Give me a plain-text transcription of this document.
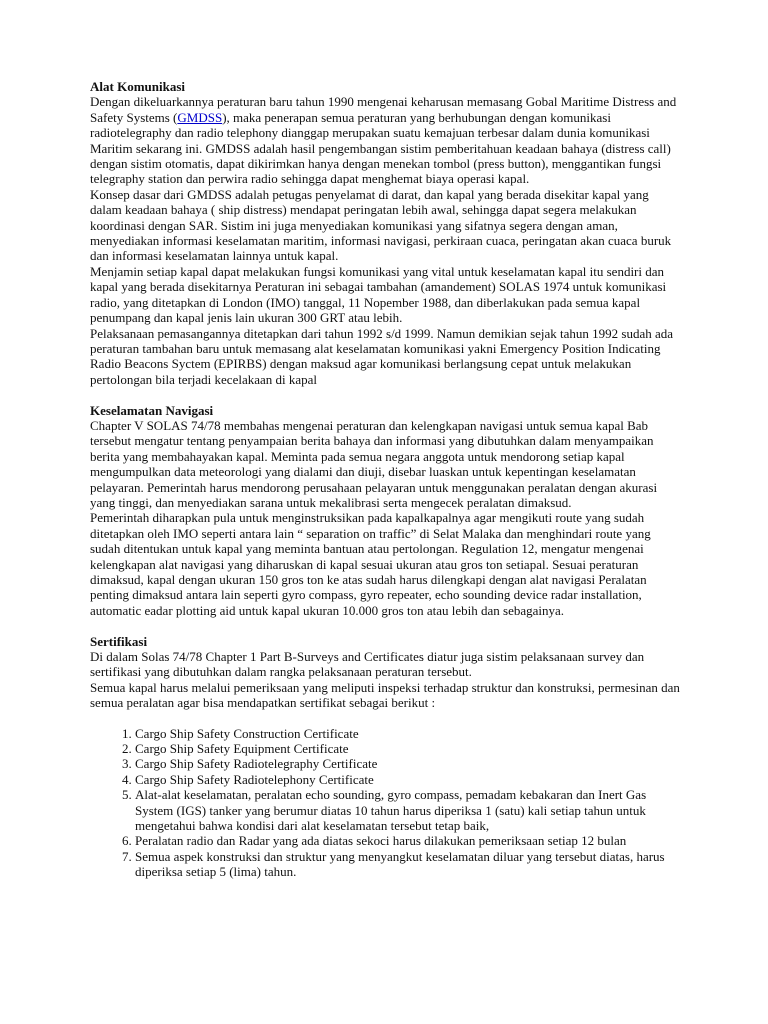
Alat Komunikasi

Dengan dikeluarkannya peraturan baru tahun 1990 mengenai keharusan memasang Gobal Maritime Distress and Safety Systems (GMDSS), maka penerapan semua peraturan yang berhubungan dengan komunikasi radiotelegraphy dan radio telephony dianggap merupakan suatu kemajuan terbesar dalam dunia komunikasi Maritim sekarang ini. GMDSS adalah hasil pengembangan sistim pemberitahuan keadaan bahaya (distress call) dengan sistim otomatis, dapat dikirimkan hanya dengan menekan tombol (press button), menggantikan fungsi telegraphy station dan perwira radio sehingga dapat menghemat biaya operasi kapal.

Konsep dasar dari GMDSS adalah petugas penyelamat di darat, dan kapal yang berada disekitar kapal yang dalam keadaan bahaya ( ship distress) mendapat peringatan lebih awal, sehingga dapat segera melakukan koordinasi dengan SAR. Sistim ini juga menyediakan komunikasi yang sifatnya segera dengan aman, menyediakan informasi keselamatan maritim, informasi navigasi, perkiraan cuaca, peringatan akan cuaca buruk dan informasi keselamatan lainnya untuk kapal.

Menjamin setiap kapal dapat melakukan fungsi komunikasi yang vital untuk keselamatan kapal itu sendiri dan kapal yang berada disekitarnya Peraturan ini sebagai tambahan (amandement) SOLAS 1974 untuk komunikasi radio, yang ditetapkan di London (IMO) tanggal, 11 Nopember 1988, dan diberlakukan pada semua kapal penumpang dan kapal jenis lain ukuran 300 GRT atau lebih.

Pelaksanaan pemasangannya ditetapkan dari tahun 1992 s/d 1999. Namun demikian sejak tahun 1992 sudah ada peraturan tambahan baru untuk memasang alat keselamatan komunikasi yakni Emergency Position Indicating Radio Beacons Syctem (EPIRBS) dengan maksud agar komunikasi berlangsung cepat untuk melakukan pertolongan bila terjadi kecelakaan di kapal

Keselamatan Navigasi

Chapter V SOLAS 74/78 membahas mengenai peraturan dan kelengkapan navigasi untuk semua kapal Bab tersebut mengatur tentang penyampaian berita bahaya dan informasi yang dibutuhkan dalam menyampaikan berita yang membahayakan kapal. Meminta pada semua negara anggota untuk mendorong setiap kapal mengumpulkan data meteorologi yang dialami dan diuji, disebar luaskan untuk kepentingan keselamatan pelayaran. Pemerintah harus mendorong perusahaan pelayaran untuk menggunakan peralatan dengan akurasi yang tinggi, dan menyediakan sarana untuk mekalibrasi serta mengecek peralatan dimaksud.

Pemerintah diharapkan pula untuk menginstruksikan pada kapalkapalnya agar mengikuti route yang sudah ditetapkan oleh IMO seperti antara lain “ separation on traffic” di Selat Malaka dan menghindari route yang sudah ditentukan untuk kapal yang meminta bantuan atau pertolongan. Regulation 12, mengatur mengenai kelengkapan alat navigasi yang diharuskan di kapal sesuai ukuran atau gros ton setiapal. Sesuai peraturan dimaksud, kapal dengan ukuran 150 gros ton ke atas sudah harus dilengkapi dengan alat navigasi Peralatan penting dimaksud antara lain seperti gyro compass, gyro repeater, echo sounding device radar installation, automatic eadar plotting aid untuk kapal ukuran 10.000 gros ton atau lebih dan sebagainya.

Sertifikasi

Di dalam Solas 74/78 Chapter 1 Part B-Surveys and Certificates diatur juga sistim pelaksanaan survey dan sertifikasi yang dibutuhkan dalam rangka pelaksanaan peraturan tersebut.

Semua kapal harus melalui pemeriksaan yang meliputi inspeksi terhadap struktur dan konstruksi, permesinan dan semua peralatan agar bisa mendapatkan sertifikat sebagai berikut :

1. Cargo Ship Safety Construction Certificate
2. Cargo Ship Safety Equipment Certificate
3. Cargo Ship Safety Radiotelegraphy Certificate
4. Cargo Ship Safety Radiotelephony Certificate
5. Alat-alat keselamatan, peralatan echo sounding, gyro compass, pemadam kebakaran dan Inert Gas System (IGS) tanker yang berumur diatas 10 tahun harus diperiksa 1 (satu) kali setiap tahun untuk mengetahui bahwa kondisi dari alat keselamatan tersebut tetap baik,
6. Peralatan radio dan Radar yang ada diatas sekoci harus dilakukan pemeriksaan setiap 12 bulan
7. Semua aspek konstruksi dan struktur yang menyangkut keselamatan diluar yang tersebut diatas, harus diperiksa setiap 5 (lima) tahun.
